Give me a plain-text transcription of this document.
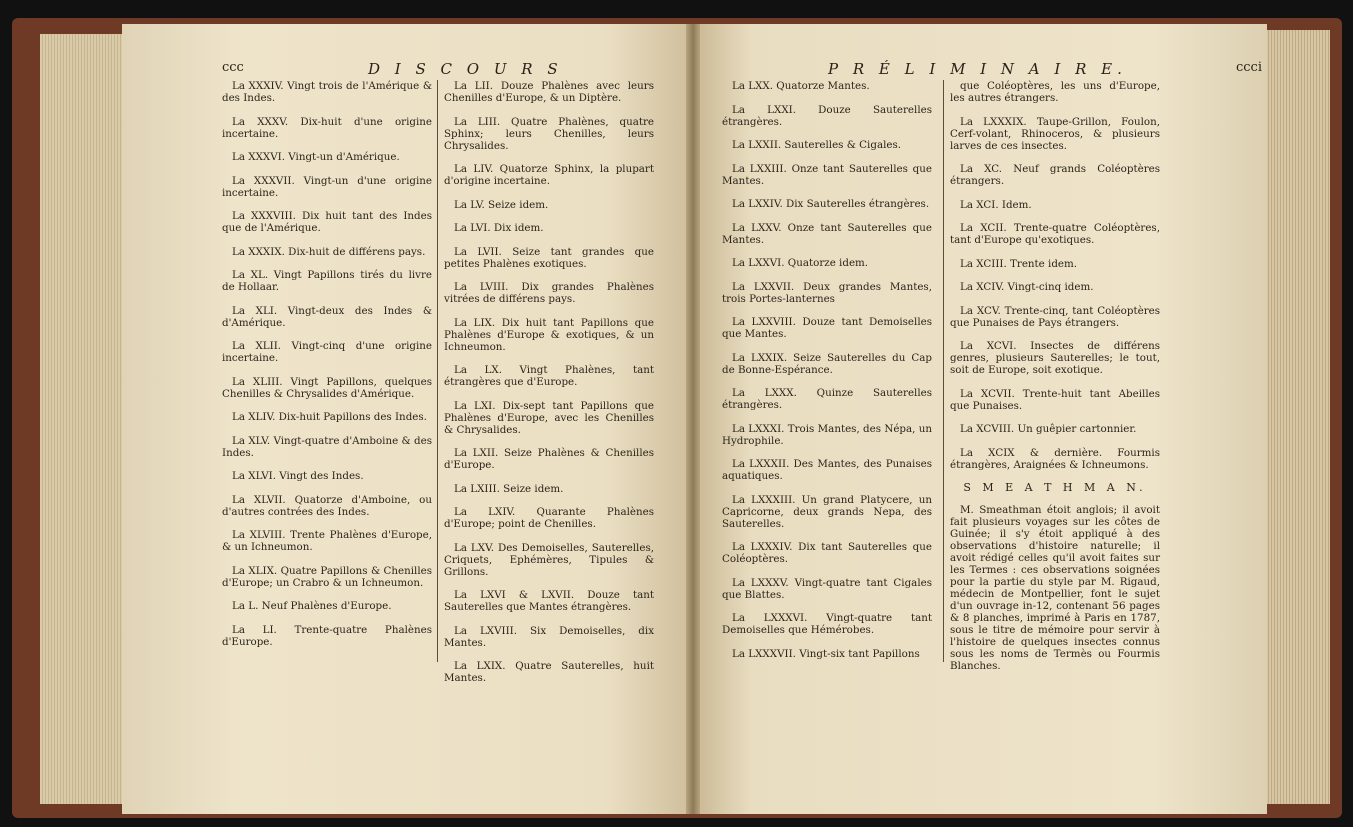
ccc	D I S C O U R S	P R É L I M I N A I R E.	ccci

La XXXIV. Vingt trois de l'Amérique & des Indes.

La XXXV. Dix-huit d'une origine incertaine.

La XXXVI. Vingt-un d'Amérique.

La XXXVII. Vingt-un d'une origine incertaine.

La XXXVIII. Dix huit tant des Indes que de l'Amérique.

La XXXIX. Dix-huit de différens pays.

La XL. Vingt Papillons tirés du livre de Hollaar.

La XLI. Vingt-deux des Indes & d'Amérique.

La XLII. Vingt-cinq d'une origine incertaine.

La XLIII. Vingt Papillons, quelques Chenilles & Chrysalides d'Amérique.

La XLIV. Dix-huit Papillons des Indes.

La XLV. Vingt-quatre d'Amboine & des Indes.

La XLVI. Vingt des Indes.

La XLVII. Quatorze d'Amboine, ou d'autres contrées des Indes.

La XLVIII. Trente Phalènes d'Europe, & un Ichneumon.

La XLIX. Quatre Papillons & Chenilles d'Europe; un Crabro & un Ichneumon.

La L. Neuf Phalènes d'Europe.

La LI. Trente-quatre Phalènes d'Europe.

La LII. Douze Phalènes avec leurs Chenilles d'Europe, & un Diptère.

La LIII. Quatre Phalènes, quatre Sphinx; leurs Chenilles, leurs Chrysalides.

La LIV. Quatorze Sphinx, la plupart d'origine incertaine.

La LV. Seize idem.

La LVI. Dix idem.

La LVII. Seize tant grandes que petites Phalènes exotiques.

La LVIII. Dix grandes Phalènes vitrées de différens pays.

La LIX. Dix huit tant Papillons que Phalènes d'Europe & exotiques, & un Ichneumon.

La LX. Vingt Phalènes, tant étrangères que d'Europe.

La LXI. Dix-sept tant Papillons que Phalènes d'Europe, avec les Chenilles & Chrysalides.

La LXII. Seize Phalènes & Chenilles d'Europe.

La LXIII. Seize idem.

La LXIV. Quarante Phalènes d'Europe; point de Chenilles.

La LXV. Des Demoiselles, Sauterelles, Criquets, Ephémères, Tipules & Grillons.

La LXVI & LXVII. Douze tant Sauterelles que Mantes étrangères.

La LXVIII. Six Demoiselles, dix Mantes.

La LXIX. Quatre Sauterelles, huit Mantes.

La LXX. Quatorze Mantes.

La LXXI. Douze Sauterelles étrangères.

La LXXII. Sauterelles & Cigales.

La LXXIII. Onze tant Sauterelles que Mantes.

La LXXIV. Dix Sauterelles étrangères.

La LXXV. Onze tant Sauterelles que Mantes.

La LXXVI. Quatorze idem.

La LXXVII. Deux grandes Mantes, trois Portes-lanternes

La LXXVIII. Douze tant Demoiselles que Mantes.

La LXXIX. Seize Sauterelles du Cap de Bonne-Espérance.

La LXXX. Quinze Sauterelles étrangères.

La LXXXI. Trois Mantes, des Népa, un Hydrophile.

La LXXXII. Des Mantes, des Punaises aquatiques.

La LXXXIII. Un grand Platycere, un Capricorne, deux grands Nepa, des Sauterelles.

La LXXXIV. Dix tant Sauterelles que Coléoptères.

La LXXXV. Vingt-quatre tant Cigales que Blattes.

La LXXXVI. Vingt-quatre tant Demoiselles que Hémérobes.

La LXXXVII. Vingt-six tant Papillons

que Coléoptères, les uns d'Europe, les autres étrangers.

La LXXXIX. Taupe-Grillon, Foulon, Cerf-volant, Rhinoceros, & plusieurs larves de ces insectes.

La XC. Neuf grands Coléoptères étrangers.

La XCI. Idem.

La XCII. Trente-quatre Coléoptères, tant d'Europe qu'exotiques.

La XCIII. Trente idem.

La XCIV. Vingt-cinq idem.

La XCV. Trente-cinq, tant Coléoptères que Punaises de Pays étrangers.

La XCVI. Insectes de différens genres, plusieurs Sauterelles; le tout, soit de Europe, soit exotique.

La XCVII. Trente-huit tant Abeilles que Punaises.

La XCVIII. Un guêpier cartonnier.

La XCIX & dernière. Fourmis étrangères, Araignées & Ichneumons.

S M E A T H M A N.

M. Smeathman étoit anglois; il avoit fait plusieurs voyages sur les côtes de Guinée; il s'y étoit appliqué à des observations d'histoire naturelle; il avoit rédigé celles qu'il avoit faites sur les Termes : ces observations soignées pour la partie du style par M. Rigaud, médecin de Montpellier, font le sujet d'un ouvrage in-12, contenant 56 pages & 8 planches, imprimé à Paris en 1787, sous le titre de mémoire pour servir à l'histoire de quelques insectes connus sous les noms de Termès ou Fourmis Blanches.
